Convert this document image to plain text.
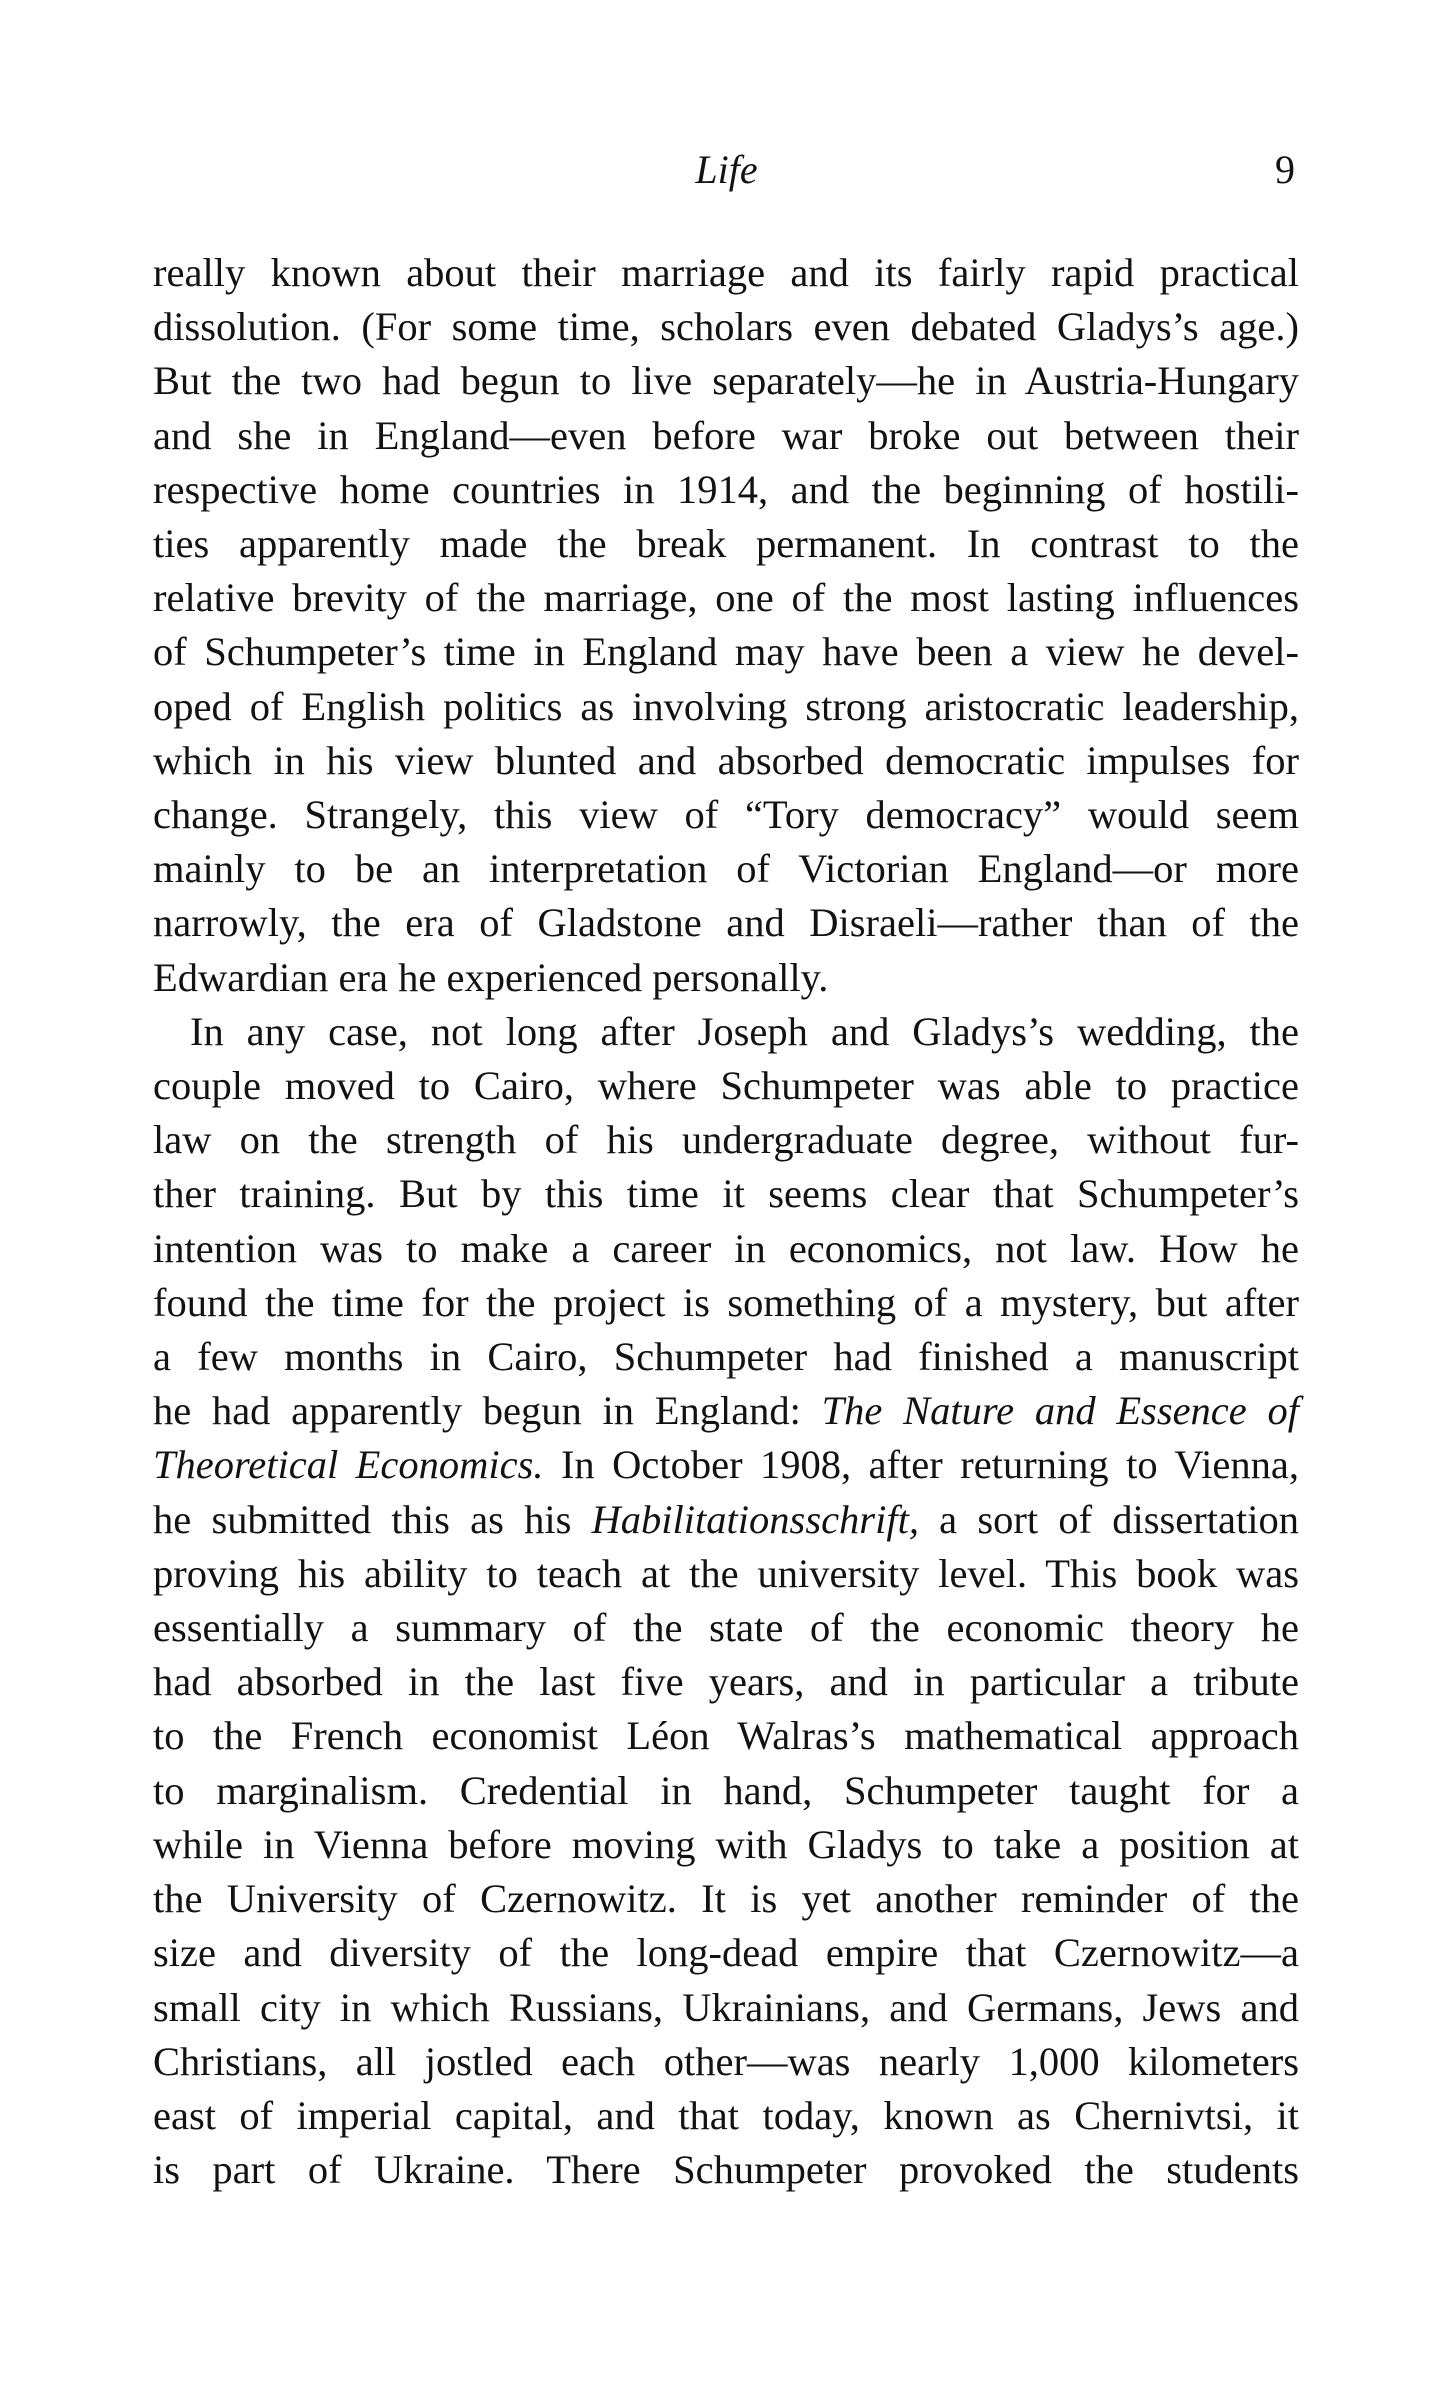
Life	9

really known about their marriage and its fairly rapid practical
dissolution. (For some time, scholars even debated Gladys’s age.)
But the two had begun to live separately—he in Austria-Hungary
and she in England—even before war broke out between their
respective home countries in 1914, and the beginning of hostili-
ties apparently made the break permanent. In contrast to the
relative brevity of the marriage, one of the most lasting influences
of Schumpeter’s time in England may have been a view he devel-
oped of English politics as involving strong aristocratic leadership,
which in his view blunted and absorbed democratic impulses for
change. Strangely, this view of “Tory democracy” would seem
mainly to be an interpretation of Victorian England—or more
narrowly, the era of Gladstone and Disraeli—rather than of the
Edwardian era he experienced personally.

In any case, not long after Joseph and Gladys’s wedding, the
couple moved to Cairo, where Schumpeter was able to practice
law on the strength of his undergraduate degree, without fur-
ther training. But by this time it seems clear that Schumpeter’s
intention was to make a career in economics, not law. How he
found the time for the project is something of a mystery, but after
a few months in Cairo, Schumpeter had finished a manuscript
he had apparently begun in England: The Nature and Essence of
Theoretical Economics. In October 1908, after returning to Vienna,
he submitted this as his Habilitationsschrift, a sort of dissertation
proving his ability to teach at the university level. This book was
essentially a summary of the state of the economic theory he
had absorbed in the last five years, and in particular a tribute
to the French economist Léon Walras’s mathematical approach
to marginalism. Credential in hand, Schumpeter taught for a
while in Vienna before moving with Gladys to take a position at
the University of Czernowitz. It is yet another reminder of the
size and diversity of the long-dead empire that Czernowitz—a
small city in which Russians, Ukrainians, and Germans, Jews and
Christians, all jostled each other—was nearly 1,000 kilometers
east of imperial capital, and that today, known as Chernivtsi, it
is part of Ukraine. There Schumpeter provoked the students
